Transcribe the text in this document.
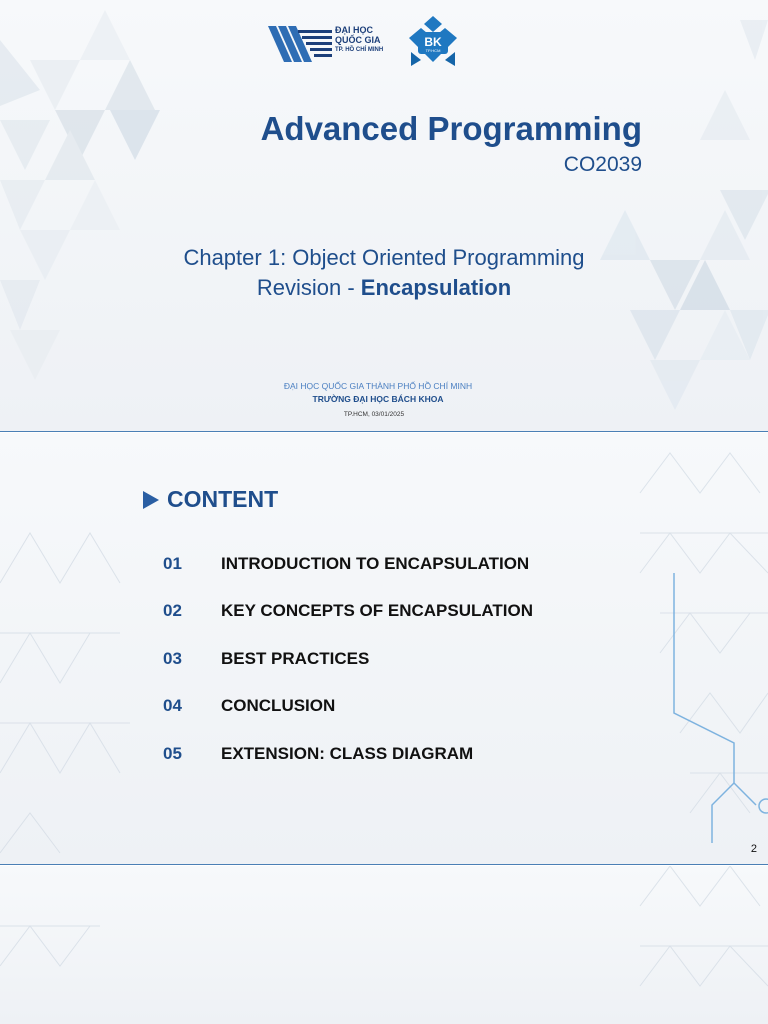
ĐẠI HỌC
QUỐC GIA
TP. HỒ CHÍ MINH
BK
TP.HCM
Advanced Programming
CO2039
Chapter 1: Object Oriented Programming
Revision - Encapsulation
ĐẠI HỌC QUỐC GIA THÀNH PHỐ HỒ CHÍ MINH
TRƯỜNG ĐẠI HỌC BÁCH KHOA
TP.HCM, 03/01/2025
CONTENT
01	INTRODUCTION TO ENCAPSULATION
02	KEY CONCEPTS OF ENCAPSULATION
03	BEST PRACTICES
04	CONCLUSION
05	EXTENSION: CLASS DIAGRAM
2
